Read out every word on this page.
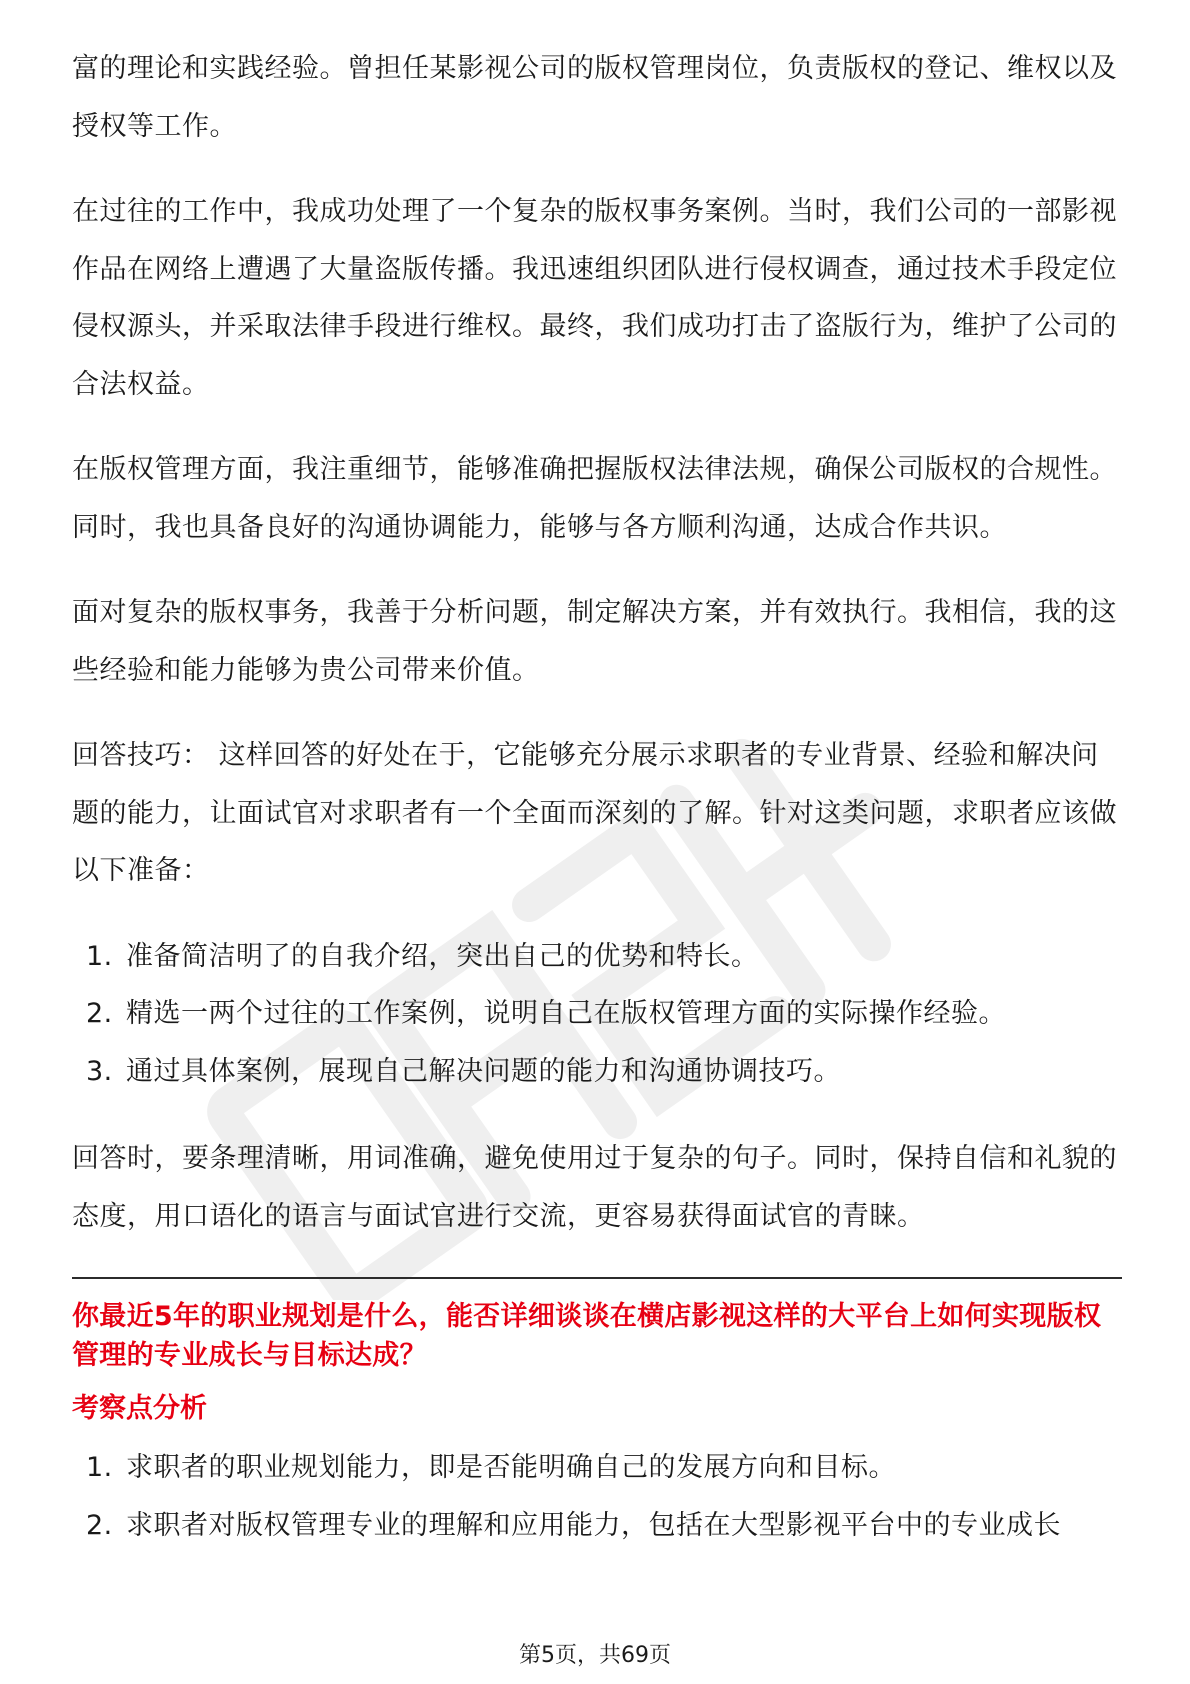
富的理论和实践经验。曾担任某影视公司的版权管理岗位，负责版权的登记、维权以及授权等工作。

在过往的工作中，我成功处理了一个复杂的版权事务案例。当时，我们公司的一部影视作品在网络上遭遇了大量盗版传播。我迅速组织团队进行侵权调查，通过技术手段定位侵权源头，并采取法律手段进行维权。最终，我们成功打击了盗版行为，维护了公司的合法权益。

在版权管理方面，我注重细节，能够准确把握版权法律法规，确保公司版权的合规性。同时，我也具备良好的沟通协调能力，能够与各方顺利沟通，达成合作共识。

面对复杂的版权事务，我善于分析问题，制定解决方案，并有效执行。我相信，我的这些经验和能力能够为贵公司带来价值。

回答技巧： 这样回答的好处在于，它能够充分展示求职者的专业背景、经验和解决问题的能力，让面试官对求职者有一个全面而深刻的了解。针对这类问题，求职者应该做以下准备：

1. 准备简洁明了的自我介绍，突出自己的优势和特长。
2. 精选一两个过往的工作案例，说明自己在版权管理方面的实际操作经验。
3. 通过具体案例，展现自己解决问题的能力和沟通协调技巧。

回答时，要条理清晰，用词准确，避免使用过于复杂的句子。同时，保持自信和礼貌的态度，用口语化的语言与面试官进行交流，更容易获得面试官的青睐。

你最近5年的职业规划是什么，能否详细谈谈在横店影视这样的大平台上如何实现版权管理的专业成长与目标达成？
考察点分析
1. 求职者的职业规划能力，即是否能明确自己的发展方向和目标。
2. 求职者对版权管理专业的理解和应用能力，包括在大型影视平台中的专业成长
第5页，共69页
